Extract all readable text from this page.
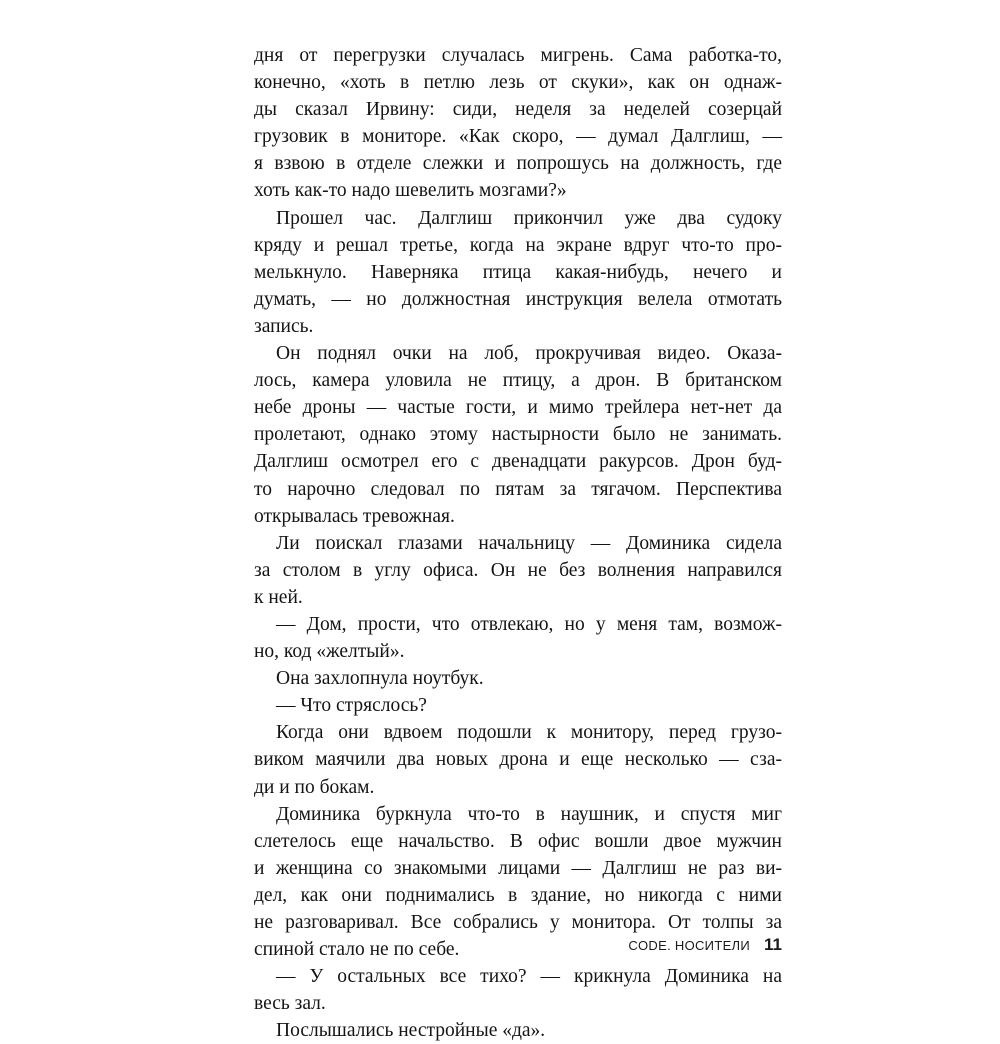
дня от перегрузки случалась мигрень. Сама работка-то,
конечно, «хоть в петлю лезь от скуки», как он однаж-
ды сказал Ирвину: сиди, неделя за неделей созерцай
грузовик в мониторе. «Как скоро, — думал Далглиш, —
я взвою в отделе слежки и попрошусь на должность, где
хоть как-то надо шевелить мозгами?»
Прошел час. Далглиш прикончил уже два судоку
кряду и решал третье, когда на экране вдруг что-то про-
мелькнуло. Наверняка птица какая-нибудь, нечего и
думать, — но должностная инструкция велела отмотать
запись.
Он поднял очки на лоб, прокручивая видео. Оказа-
лось, камера уловила не птицу, а дрон. В британском
небе дроны — частые гости, и мимо трейлера нет-нет да
пролетают, однако этому настырности было не занимать.
Далглиш осмотрел его с двенадцати ракурсов. Дрон буд-
то нарочно следовал по пятам за тягачом. Перспектива
открывалась тревожная.
Ли поискал глазами начальницу — Доминика сидела
за столом в углу офиса. Он не без волнения направился
к ней.
— Дом, прости, что отвлекаю, но у меня там, возмож-
но, код «желтый».
Она захлопнула ноутбук.
— Что стряслось?
Когда они вдвоем подошли к монитору, перед грузо-
виком маячили два новых дрона и еще несколько — сза-
ди и по бокам.
Доминика буркнула что-то в наушник, и спустя миг
слетелось еще начальство. В офис вошли двое мужчин
и женщина со знакомыми лицами — Далглиш не раз ви-
дел, как они поднимались в здание, но никогда с ними
не разговаривал. Все собрались у монитора. От толпы за
спиной стало не по себе.
— У остальных все тихо? — крикнула Доминика на
весь зал.
Послышались нестройные «да».
CODE. НОСИТЕЛИ 11
